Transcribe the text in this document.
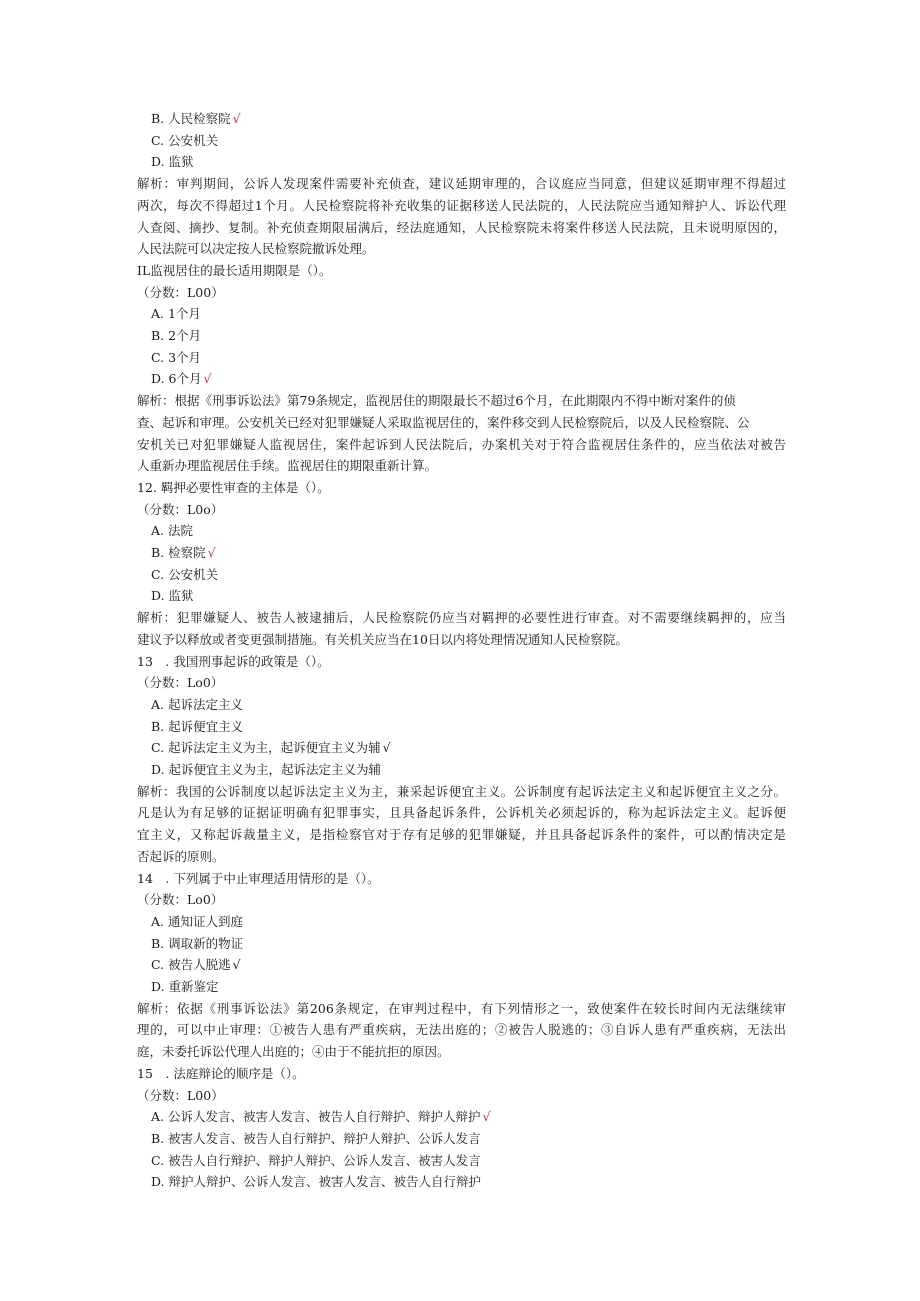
B. 人民检察院 √
C. 公安机关
D. 监狱
解析：审判期间，公诉人发现案件需要补充侦查，建议延期审理的，合议庭应当同意，但建议延期审理不得超过
两次，每次不得超过1个月。人民检察院将补充收集的证据移送人民法院的，人民法院应当通知辩护人、诉讼代理
人查阅、摘抄、复制。补充侦查期限届满后，经法庭通知，人民检察院未将案件移送人民法院，且未说明原因的，
人民法院可以决定按人民检察院撤诉处理。
IL监视居住的最长适用期限是（）。
（分数：L00）
A. 1个月
B. 2个月
C. 3个月
D. 6个月 √
解析：根据《刑事诉讼法》第79条规定，监视居住的期限最长不超过6个月，在此期限内不得中断对案件的侦
查、起诉和审理。公安机关已经对犯罪嫌疑人采取监视居住的，案件移交到人民检察院后，以及人民检察院、公
安机关已对犯罪嫌疑人监视居住，案件起诉到人民法院后，办案机关对于符合监视居住条件的，应当依法对被告
人重新办理监视居住手续。监视居住的期限重新计算。
12. 羁押必要性审查的主体是（）。
（分数：L0o）
A. 法院
B. 检察院 √
C. 公安机关
D. 监狱
解析：犯罪嫌疑人、被告人被逮捕后，人民检察院仍应当对羁押的必要性进行审查。对不需要继续羁押的，应当
建议予以释放或者变更强制措施。有关机关应当在10日以内将处理情况通知人民检察院。
13　. 我国刑事起诉的政策是（）。
（分数：Lo0）
A. 起诉法定主义
B. 起诉便宜主义
C. 起诉法定主义为主，起诉便宜主义为辅 √
D. 起诉便宜主义为主，起诉法定主义为辅
解析：我国的公诉制度以起诉法定主义为主，兼采起诉便宜主义。公诉制度有起诉法定主义和起诉便宜主义之分。
凡是认为有足够的证据证明确有犯罪事实，且具备起诉条件，公诉机关必须起诉的，称为起诉法定主义。起诉便
宜主义，又称起诉裁量主义，是指检察官对于存有足够的犯罪嫌疑，并且具备起诉条件的案件，可以酌情决定是
否起诉的原则。
14　. 下列属于中止审理适用情形的是（）。
（分数：Lo0）
A. 通知证人到庭
B. 调取新的物证
C. 被告人脱逃 √
D. 重新鉴定
解析：依据《刑事诉讼法》第206条规定，在审判过程中，有下列情形之一，致使案件在较长时间内无法继续审
理的，可以中止审理：①被告人患有严重疾病，无法出庭的；②被告人脱逃的；③自诉人患有严重疾病，无法出
庭，未委托诉讼代理人出庭的；④由于不能抗拒的原因。
15　. 法庭辩论的顺序是（）。
（分数：L00）
A. 公诉人发言、被害人发言、被告人自行辩护、辩护人辩护 √
B. 被害人发言、被告人自行辩护、辩护人辩护、公诉人发言
C. 被告人自行辩护、辩护人辩护、公诉人发言、被害人发言
D. 辩护人辩护、公诉人发言、被害人发言、被告人自行辩护
